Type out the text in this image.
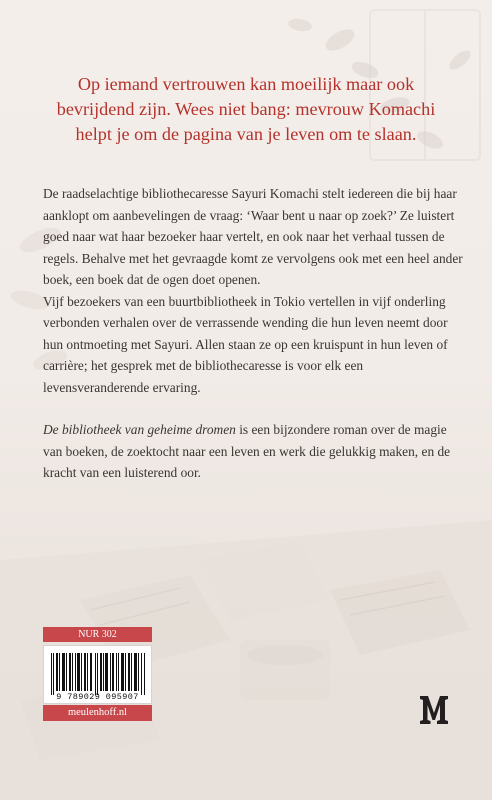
Op iemand vertrouwen kan moeilijk maar ook bevrijdend zijn. Wees niet bang: mevrouw Komachi helpt je om de pagina van je leven om te slaan.

De raadselachtige bibliothecaresse Sayuri Komachi stelt iedereen die bij haar aanklopt om aanbevelingen de vraag: ‘Waar bent u naar op zoek?’ Ze luistert goed naar wat haar bezoeker haar vertelt, en ook naar het verhaal tussen de regels. Behalve met het gevraagde komt ze vervolgens ook met een heel ander boek, een boek dat de ogen doet openen.

Vijf bezoekers van een buurtbibliotheek in Tokio vertellen in vijf onderling verbonden verhalen over de verrassende wending die hun leven neemt door hun ontmoeting met Sayuri. Allen staan ze op een kruispunt in hun leven of carrière; het gesprek met de bibliothecaresse is voor elk een levensveranderende ervaring.

De bibliotheek van geheime dromen is een bijzondere roman over de magie van boeken, de zoektocht naar een leven en werk die gelukkig maken, en de kracht van een luisterend oor.

NUR 302
9 789029 095907
meulenhoff.nl
